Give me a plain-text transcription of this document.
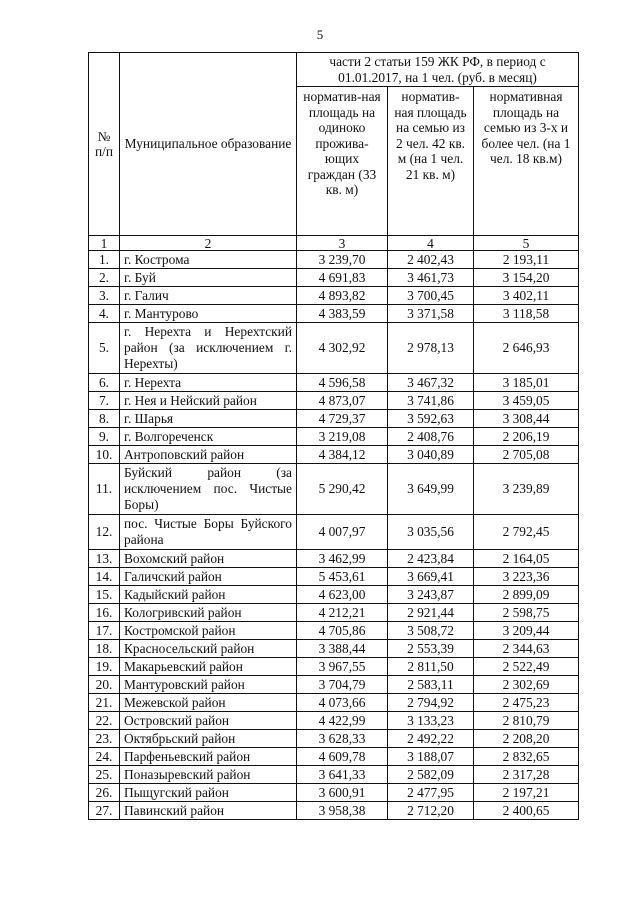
5
№ п/п	Муниципальное образование	части 2 статьи 159 ЖК РФ, в период с 01.01.2017, на 1 чел. (руб. в месяц)		
		норматив-ная площадь на одиноко прожива-ющих граждан (33 кв. м)	норматив-ная площадь на семью из 2 чел. 42 кв. м (на 1 чел. 21 кв. м)	нормативная площадь на семью из 3-х и более чел. (на 1 чел. 18 кв.м)
1	2	3	4	5
1.	г. Кострома	3 239,70	2 402,43	2 193,11
2.	г. Буй	4 691,83	3 461,73	3 154,20
3.	г. Галич	4 893,82	3 700,45	3 402,11
4.	г. Мантурово	4 383,59	3 371,58	3 118,58
5.	г. Нерехта и Нерехтский район (за исключением г. Нерехты)	4 302,92	2 978,13	2 646,93
6.	г. Нерехта	4 596,58	3 467,32	3 185,01
7.	г. Нея и Нейский район	4 873,07	3 741,86	3 459,05
8.	г. Шарья	4 729,37	3 592,63	3 308,44
9.	г. Волгореченск	3 219,08	2 408,76	2 206,19
10.	Антроповский район	4 384,12	3 040,89	2 705,08
11.	Буйский район (за исключением пос. Чистые Боры)	5 290,42	3 649,99	3 239,89
12.	пос. Чистые Боры Буйского района	4 007,97	3 035,56	2 792,45
13.	Вохомский район	3 462,99	2 423,84	2 164,05
14.	Галичский район	5 453,61	3 669,41	3 223,36
15.	Кадыйский район	4 623,00	3 243,87	2 899,09
16.	Кологривский район	4 212,21	2 921,44	2 598,75
17.	Костромской район	4 705,86	3 508,72	3 209,44
18.	Красносельский район	3 388,44	2 553,39	2 344,63
19.	Макарьевский район	3 967,55	2 811,50	2 522,49
20.	Мантуровский район	3 704,79	2 583,11	2 302,69
21.	Межевской район	4 073,66	2 794,92	2 475,23
22.	Островский район	4 422,99	3 133,23	2 810,79
23.	Октябрьский район	3 628,33	2 492,22	2 208,20
24.	Парфеньевский район	4 609,78	3 188,07	2 832,65
25.	Поназыревский район	3 641,33	2 582,09	2 317,28
26.	Пыщугский район	3 600,91	2 477,95	2 197,21
27.	Павинский район	3 958,38	2 712,20	2 400,65
